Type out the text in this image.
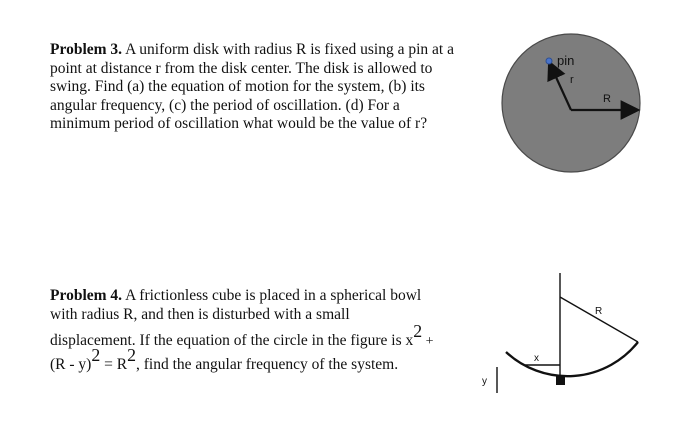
Problem 3. A uniform disk with radius R is fixed using a pin at a
point at distance r from the disk center. The disk is allowed to
swing. Find (a) the equation of motion for the system, (b) its
angular frequency, (c) the period of oscillation. (d) For a
minimum period of oscillation what would be the value of r?
pin
r
R
Problem 4. A frictionless cube is placed in a spherical bowl
with radius R, and then is disturbed with a small
displacement. If the equation of the circle in the figure is x2 +
(R - y)2 = R2, find the angular frequency of the system.
R
x
y
